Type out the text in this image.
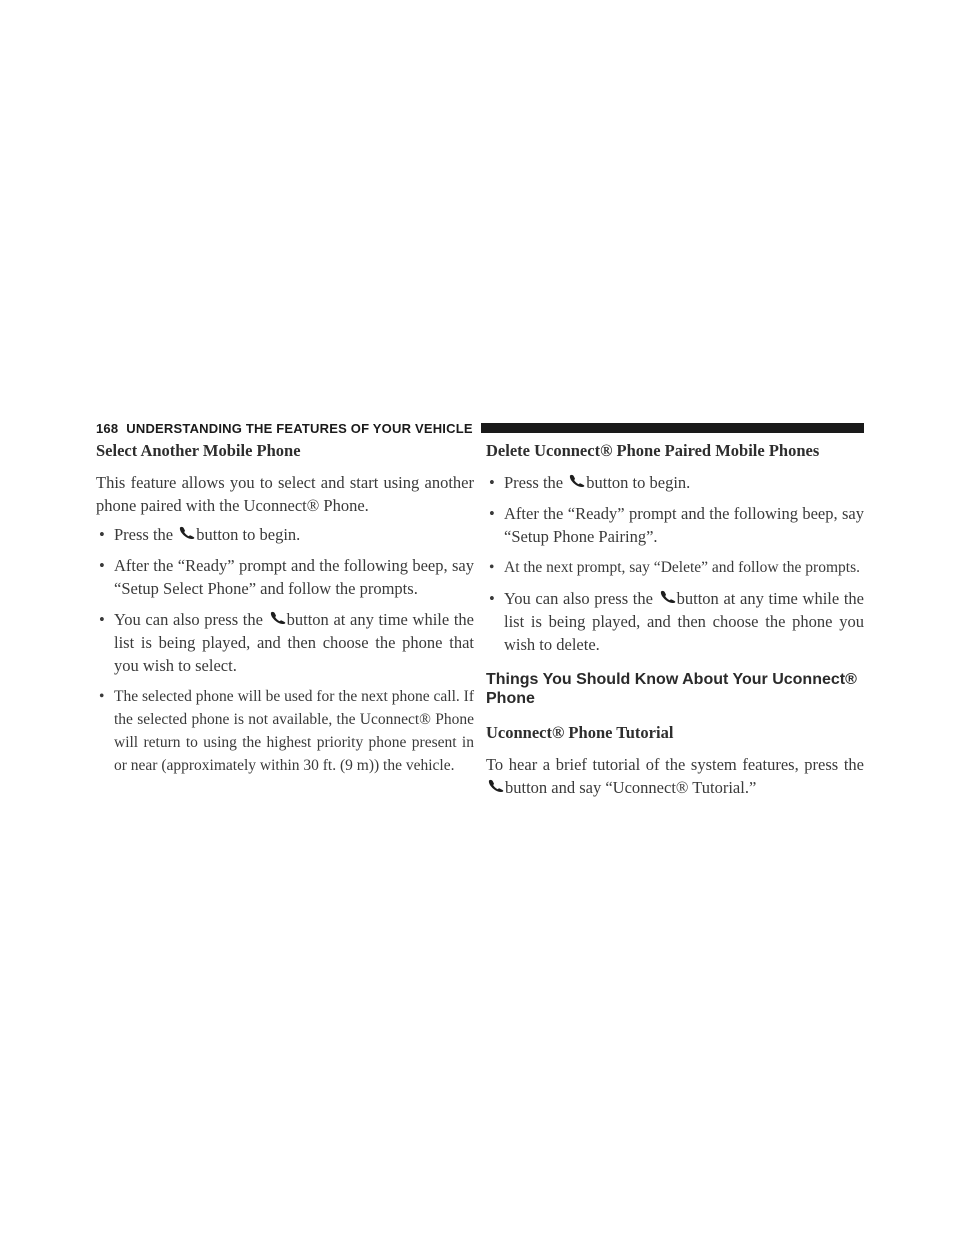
168 UNDERSTANDING THE FEATURES OF YOUR VEHICLE
Select Another Mobile Phone

This feature allows you to select and start using another phone paired with the Uconnect® Phone.

• Press the
button to begin.
• After the “Ready” prompt and the following beep, say “Setup Select Phone” and follow the prompts.
• You can also press the
button at any time while the list is being played, and then choose the phone that you wish to select.
• The selected phone will be used for the next phone call. If the selected phone is not available, the Uconnect® Phone will return to using the highest priority phone present in or near (approximately within 30 ft. (9 m)) the vehicle.
Delete Uconnect® Phone Paired Mobile Phones
• Press the
button to begin.
• After the “Ready” prompt and the following beep, say “Setup Phone Pairing”.
• At the next prompt, say “Delete” and follow the prompts.
• You can also press the
button at any time while the list is being played, and then choose the phone you wish to delete.
Things You Should Know About Your Uconnect® Phone
Uconnect® Phone Tutorial

To hear a brief tutorial of the system features, press the
button and say “Uconnect® Tutorial.”
